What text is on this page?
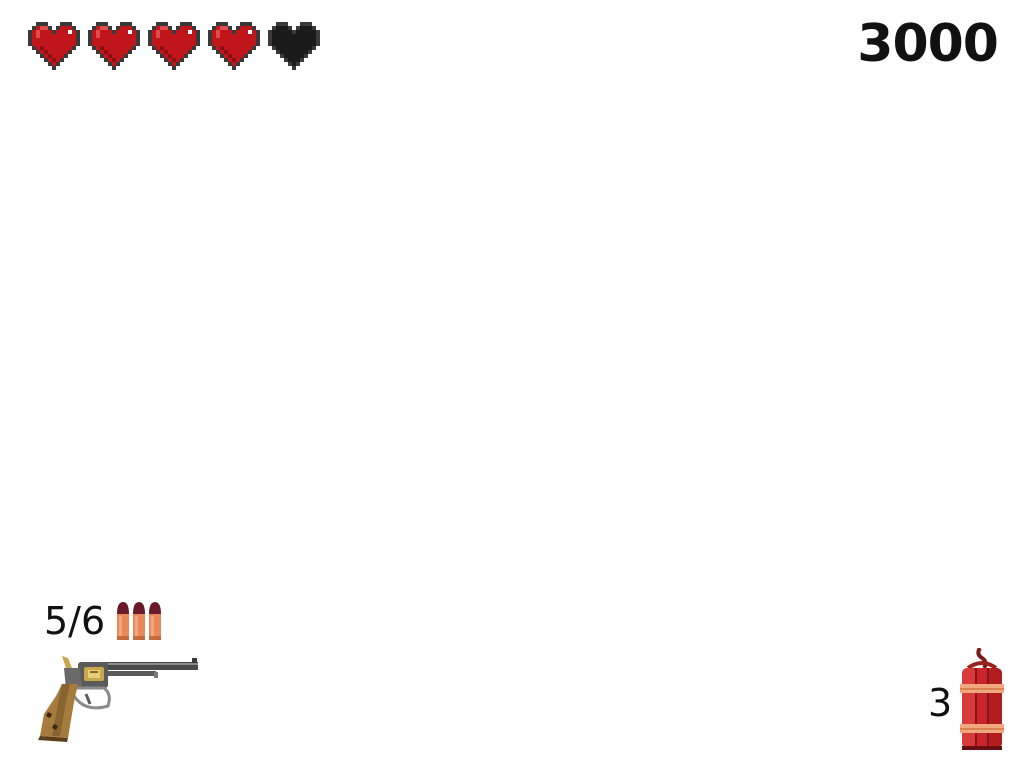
3000
5/6
3
